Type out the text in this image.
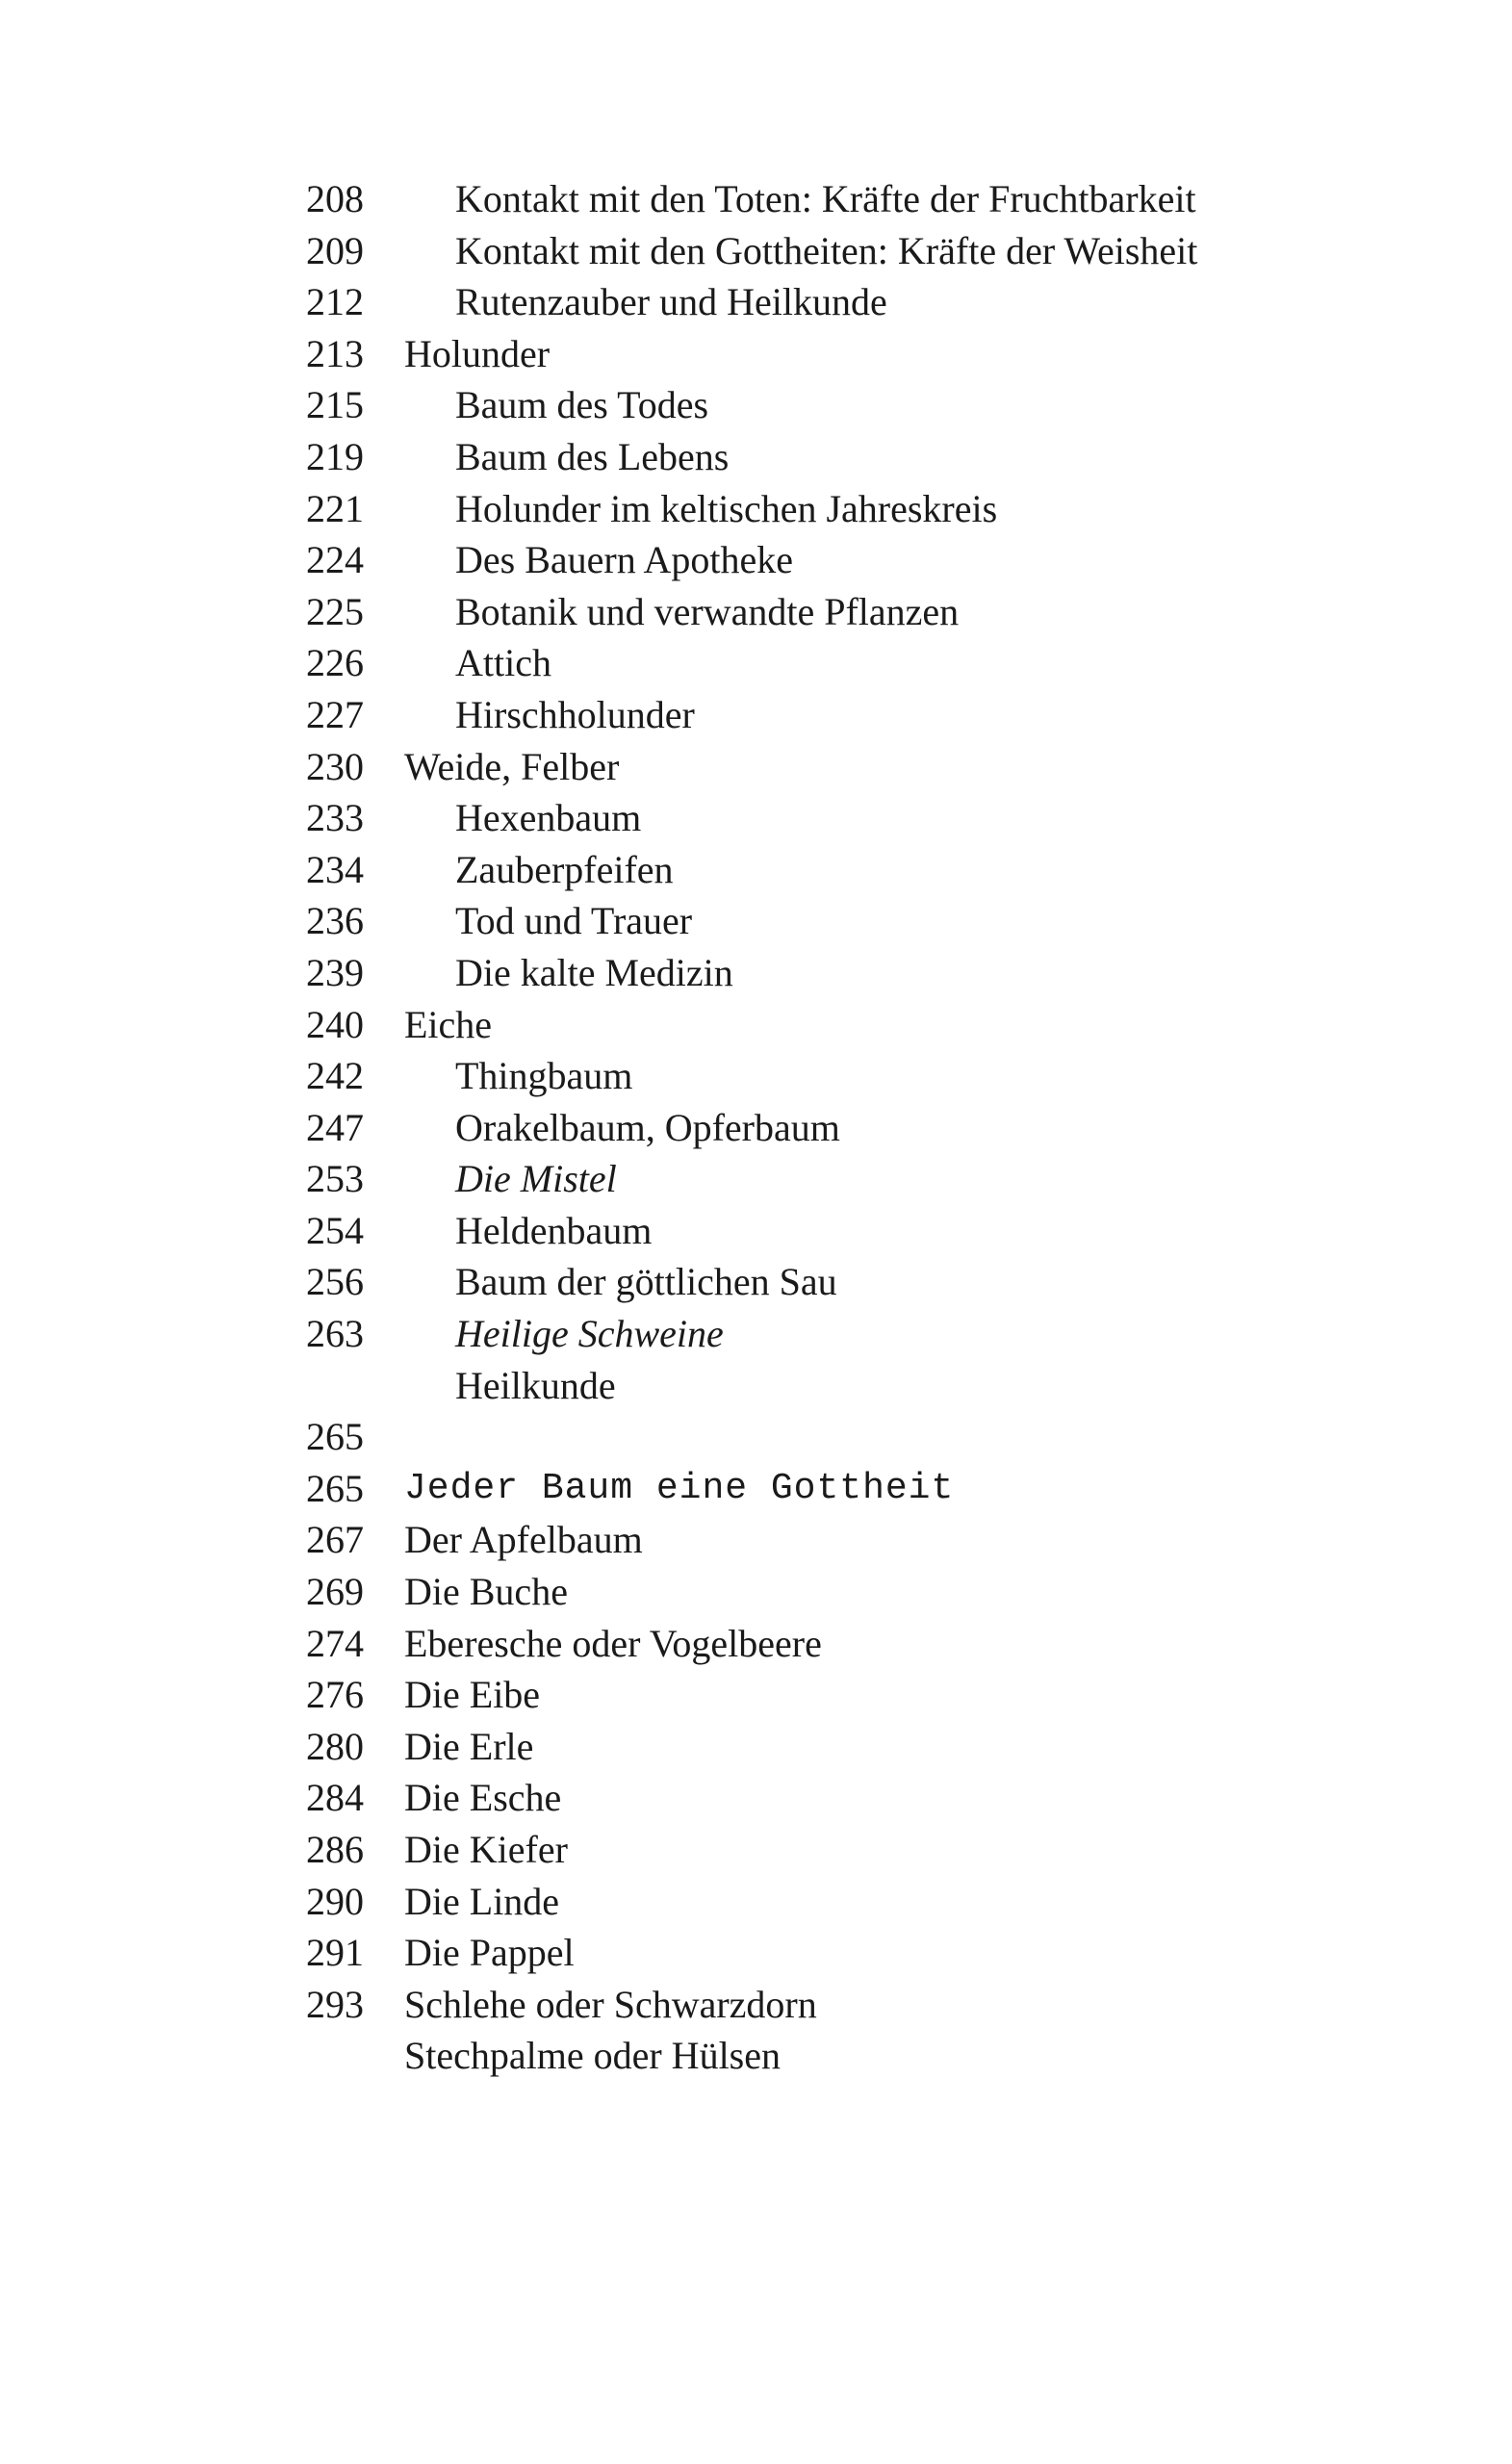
208 Kontakt mit den Toten: Kräfte der Fruchtbarkeit
209 Kontakt mit den Gottheiten: Kräfte der Weisheit
212 Rutenzauber und Heilkunde
213 Holunder
215 Baum des Todes
219 Baum des Lebens
221 Holunder im keltischen Jahreskreis
224 Des Bauern Apotheke
225 Botanik und verwandte Pflanzen
226 Attich
227 Hirschholunder
230 Weide, Felber
233 Hexenbaum
234 Zauberpfeifen
236 Tod und Trauer
239 Die kalte Medizin
240 Eiche
242 Thingbaum
247 Orakelbaum, Opferbaum
253 Die Mistel
254 Heldenbaum
256 Baum der göttlichen Sau
263 Heilige Schweine
Heilkunde
265
265 Jeder Baum eine Gottheit
267 Der Apfelbaum
269 Die Buche
274 Eberesche oder Vogelbeere
276 Die Eibe
280 Die Erle
284 Die Esche
286 Die Kiefer
290 Die Linde
291 Die Pappel
293 Schlehe oder Schwarzdorn
Stechpalme oder Hülsen
